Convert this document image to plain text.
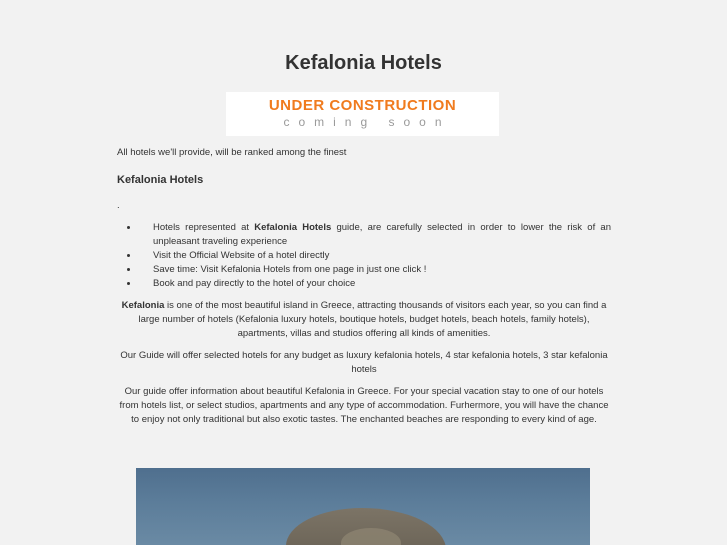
Kefalonia Hotels
UNDER CONSTRUCTION
coming soon

All hotels we'll provide, will be ranked among the finest

Kefalonia Hotels

.

• Hotels represented at Kefalonia Hotels guide, are carefully selected in order to lower the risk of an unpleasant traveling experience
• Visit the Official Website of a hotel directly
• Save time: Visit Kefalonia Hotels from one page in just one click !
• Book and pay directly to the hotel of your choice

Kefalonia is one of the most beautiful island in Greece, attracting thousands of visitors each year, so you can find a large number of hotels (Kefalonia luxury hotels, boutique hotels, budget hotels, beach hotels, family hotels), apartments, villas and studios offering all kinds of amenities.

Our Guide will offer selected hotels for any budget as luxury kefalonia hotels, 4 star kefalonia hotels, 3 star kefalonia hotels

Our guide offer information about beautiful Kefalonia in Greece. For your special vacation stay to one of our hotels from hotels list, or select studios, apartments and any type of accommodation. Furhermore, you will have the chance to enjoy not only traditional but also exotic tastes. The enchanted beaches are responding to every kind of age.
